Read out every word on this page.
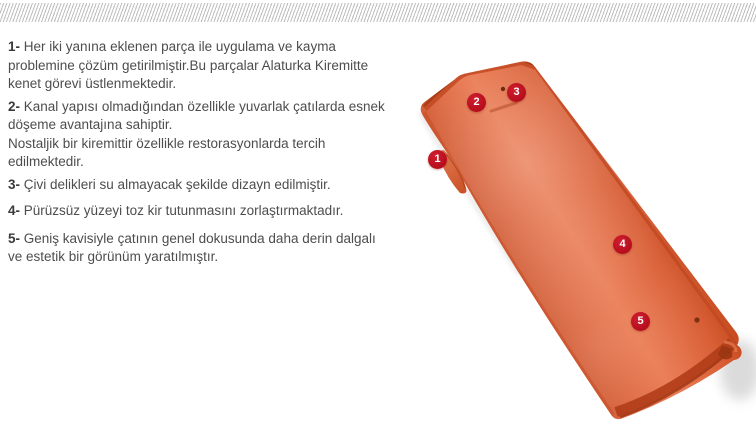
1- Her iki yanına eklenen parça ile uygulama ve kayma
problemine çözüm getirilmiştir.Bu parçalar Alaturka Kiremitte
kenet görevi üstlenmektedir.

2- Kanal yapısı olmadığından özellikle yuvarlak çatılarda esnek
döşeme avantajına sahiptir.
Nostaljik bir kiremittir özellikle restorasyonlarda tercih
edilmektedir.

3- Çivi delikleri su almayacak şekilde dizayn edilmiştir.

4- Pürüzsüz yüzeyi toz kir tutunmasını zorlaştırmaktadır.

5- Geniş kavisiyle çatının genel dokusunda daha derin dalgalı
ve estetik bir görünüm yaratılmıştır.

1
2
3
4
5
